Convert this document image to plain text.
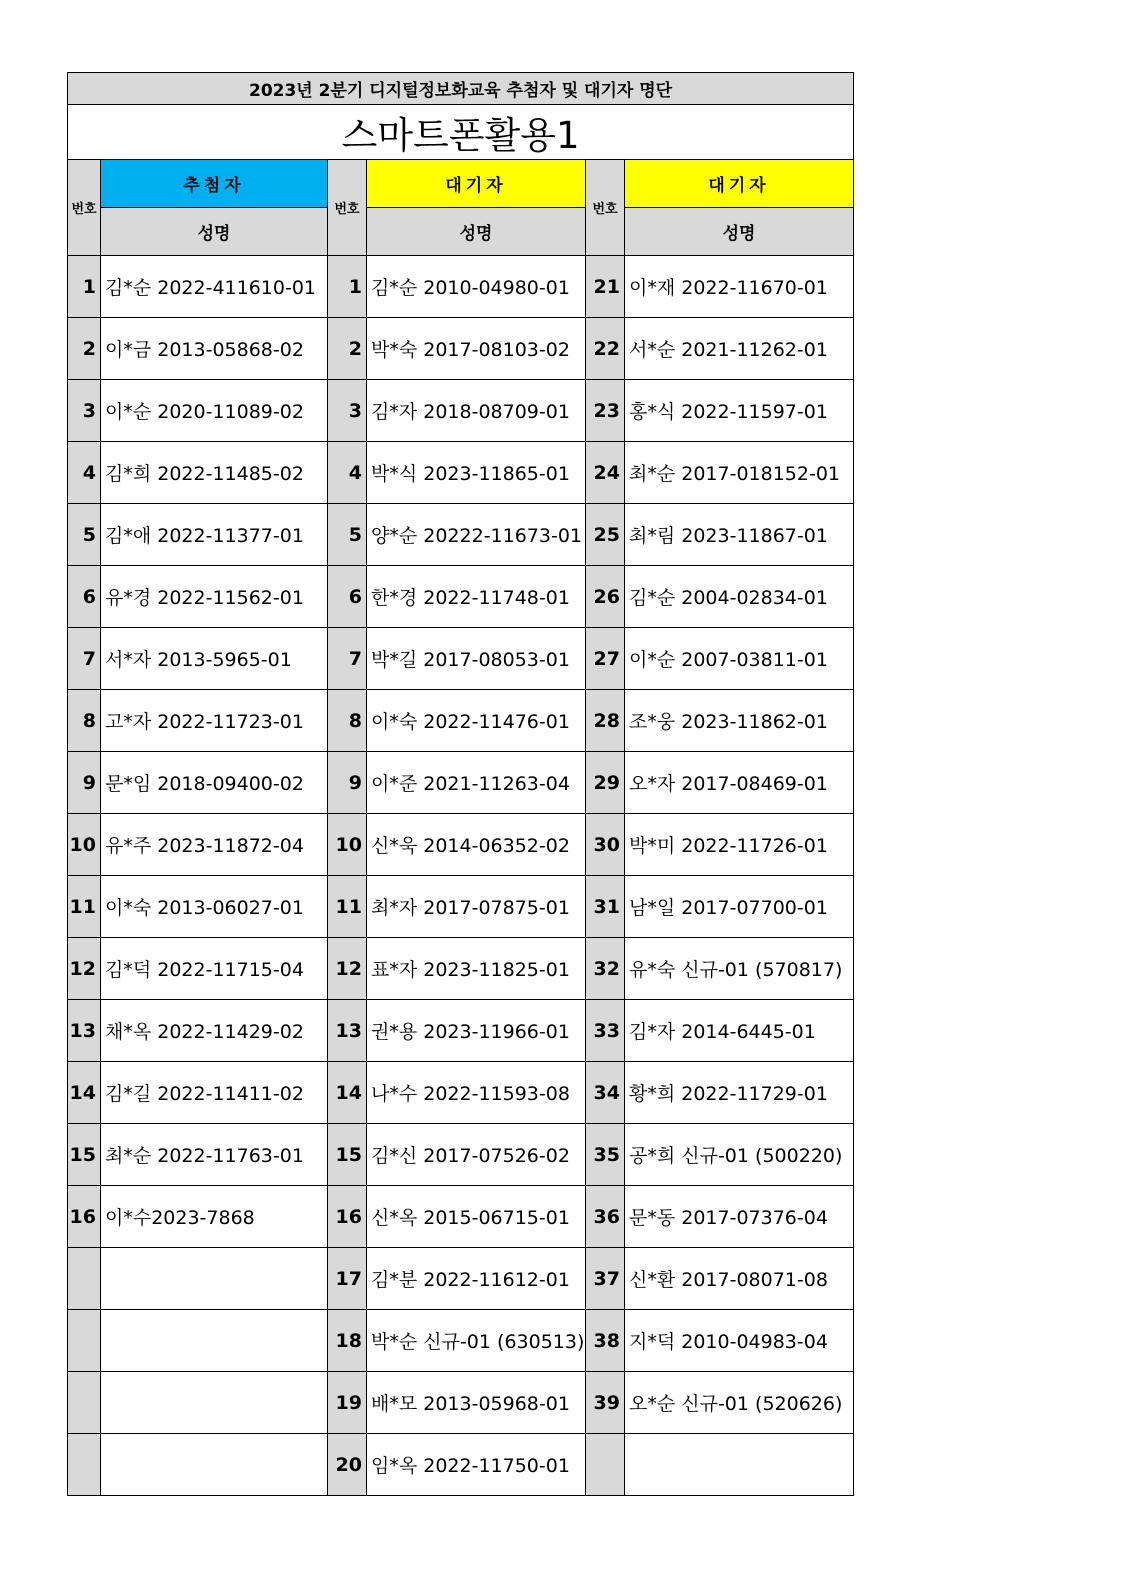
2023년 2분기 디지털정보화교육 추첨자 및 대기자 명단					
스마트폰활용1					
번호	추첨자	번호	대기자	번호	대기자
	성명		성명		성명
1	김*순 2022-411610-01	1	김*순 2010-04980-01	21	이*재 2022-11670-01
2	이*금 2013-05868-02	2	박*숙 2017-08103-02	22	서*순 2021-11262-01
3	이*순 2020-11089-02	3	김*자 2018-08709-01	23	홍*식 2022-11597-01
4	김*희 2022-11485-02	4	박*식 2023-11865-01	24	최*순 2017-018152-01
5	김*애 2022-11377-01	5	양*순 20222-11673-01	25	최*림 2023-11867-01
6	유*경 2022-11562-01	6	한*경 2022-11748-01	26	김*순 2004-02834-01
7	서*자 2013-5965-01	7	박*길 2017-08053-01	27	이*순 2007-03811-01
8	고*자 2022-11723-01	8	이*숙 2022-11476-01	28	조*웅 2023-11862-01
9	문*임 2018-09400-02	9	이*준 2021-11263-04	29	오*자 2017-08469-01
10	유*주 2023-11872-04	10	신*욱 2014-06352-02	30	박*미 2022-11726-01
11	이*숙 2013-06027-01	11	최*자 2017-07875-01	31	남*일 2017-07700-01
12	김*덕 2022-11715-04	12	표*자 2023-11825-01	32	유*숙 신규-01 (570817)
13	채*옥 2022-11429-02	13	권*용 2023-11966-01	33	김*자 2014-6445-01
14	김*길 2022-11411-02	14	나*수 2022-11593-08	34	황*희 2022-11729-01
15	최*순 2022-11763-01	15	김*신 2017-07526-02	35	공*희 신규-01 (500220)
16	이*수2023-7868	16	신*옥 2015-06715-01	36	문*동 2017-07376-04
		17	김*분 2022-11612-01	37	신*환 2017-08071-08
		18	박*순 신규-01 (630513)	38	지*덕 2010-04983-04
		19	배*모 2013-05968-01	39	오*순 신규-01 (520626)
		20	임*옥 2022-11750-01		
